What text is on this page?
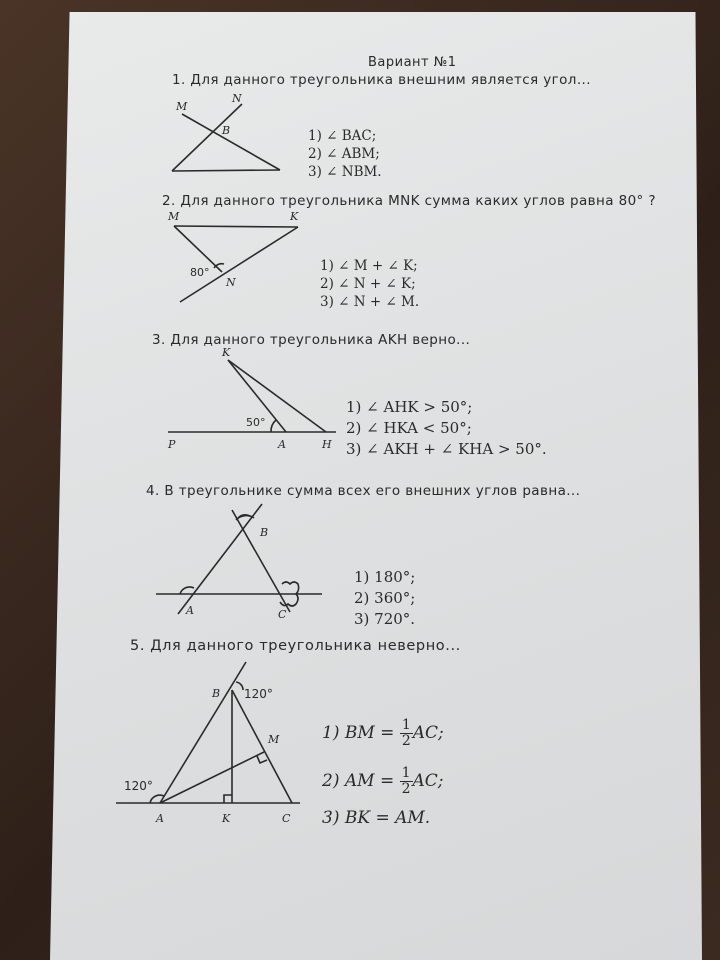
Вариант №1
1. Для данного треугольника внешним является угол...
M
N
B	1) ∠ BAC;
2) ∠ ABM;
3) ∠ NBM.
2. Для данного треугольника MNK сумма каких углов равна 80° ?
M	K
N
80°	1) ∠ M + ∠ K;
2) ∠ N + ∠ K;
3) ∠ N + ∠ M.
3. Для данного треугольника AKH верно...
K
P	A	H
50°
1) ∠ AHK > 50°;
2) ∠ HKA < 50°;
3) ∠ AKH + ∠ KHA > 50°.
4. В треугольнике сумма всех его внешних углов равна...
B
A	C
1) 180°;
2) 360°;
3) 720°.
5. Для данного треугольника неверно...
B
M
A	K	C
120°
120°
1) BM = $\frac{1}{2}$ AC;
2) AM = $\frac{1}{2}$ AC;
3) BK = AM.
